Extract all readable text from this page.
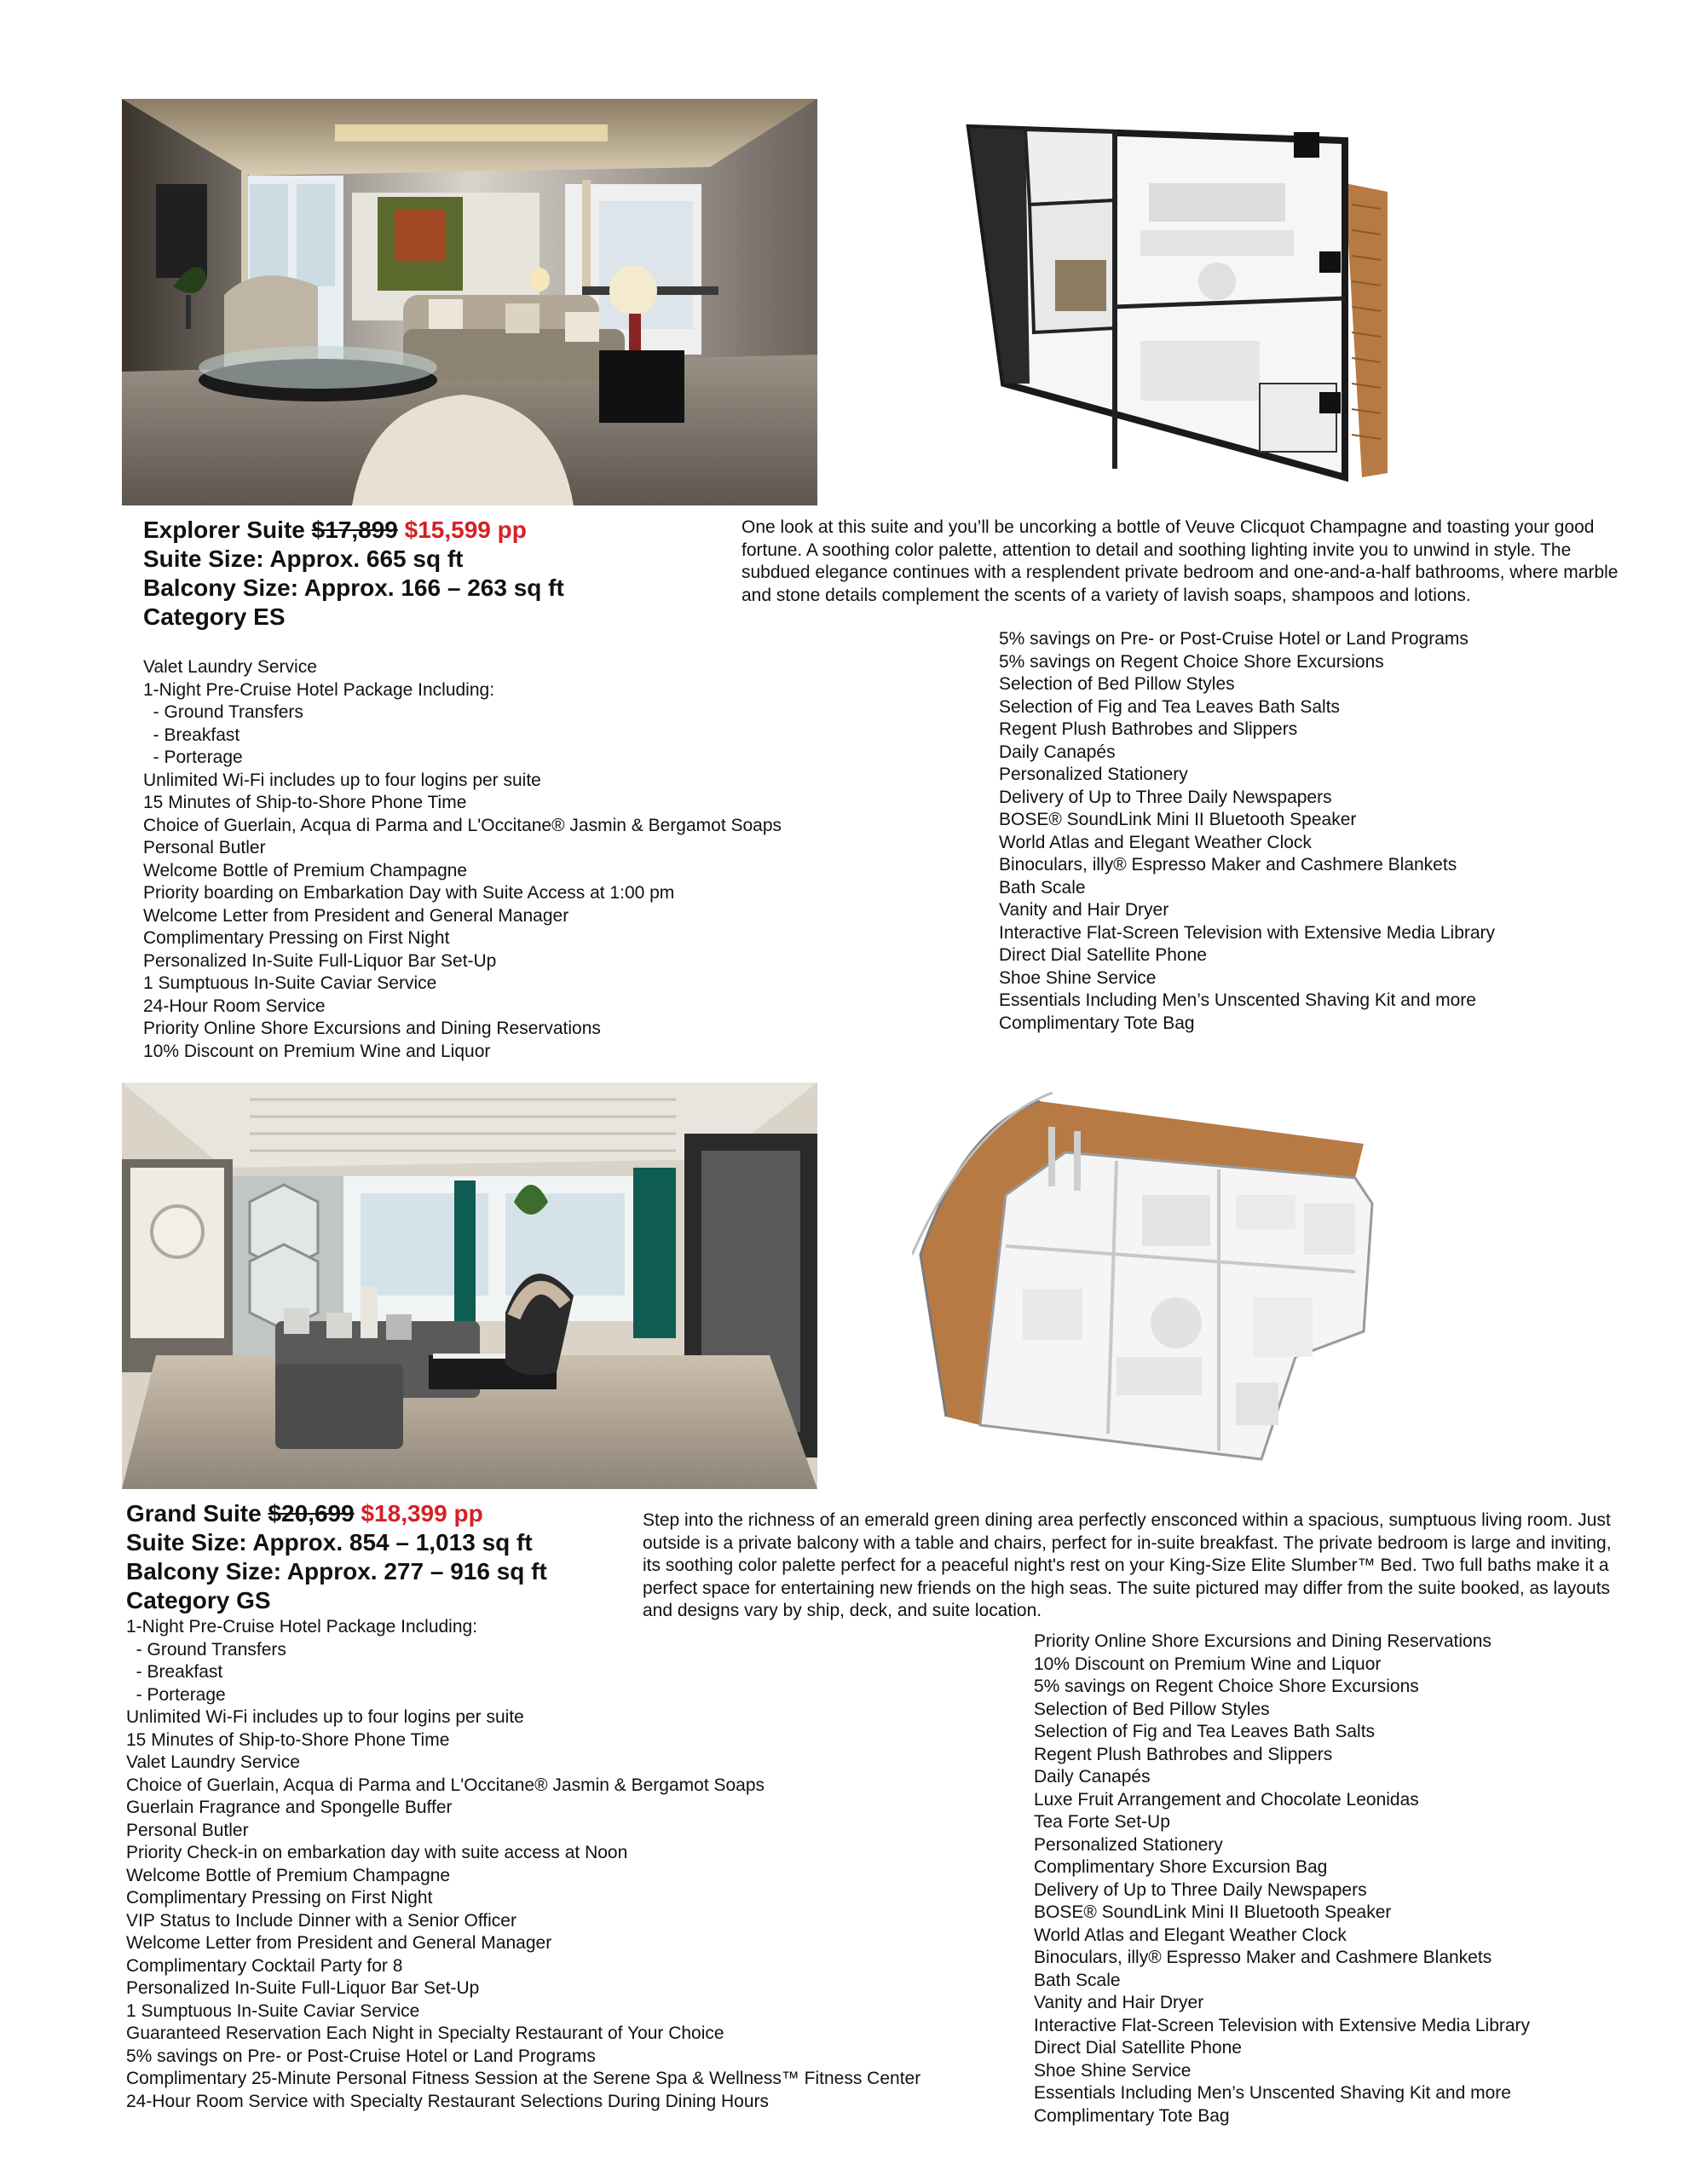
Explorer Suite $17,899 $15,599 pp
Suite Size: Approx. 665 sq ft
Balcony Size: Approx. 166 – 263 sq ft
Category ES
One look at this suite and you’ll be uncorking a bottle of Veuve Clicquot Champagne and toasting your good fortune. A soothing color palette, attention to detail and soothing lighting invite you to unwind in style. The subdued elegance continues with a resplendent private bedroom and one-and-a-half bathrooms, where marble and stone details complement the scents of a variety of lavish soaps, shampoos and lotions.
Valet Laundry Service
1-Night Pre-Cruise Hotel Package Including:
- Ground Transfers
- Breakfast
- Porterage
Unlimited Wi-Fi includes up to four logins per suite
15 Minutes of Ship-to-Shore Phone Time
Choice of Guerlain, Acqua di Parma and L'Occitane® Jasmin & Bergamot Soaps
Personal Butler
Welcome Bottle of Premium Champagne
Priority boarding on Embarkation Day with Suite Access at 1:00 pm
Welcome Letter from President and General Manager
Complimentary Pressing on First Night
Personalized In-Suite Full-Liquor Bar Set-Up
1 Sumptuous In-Suite Caviar Service
24-Hour Room Service
Priority Online Shore Excursions and Dining Reservations
10% Discount on Premium Wine and Liquor
5% savings on Pre- or Post-Cruise Hotel or Land Programs
5% savings on Regent Choice Shore Excursions
Selection of Bed Pillow Styles
Selection of Fig and Tea Leaves Bath Salts
Regent Plush Bathrobes and Slippers
Daily Canapés
Personalized Stationery
Delivery of Up to Three Daily Newspapers
BOSE® SoundLink Mini II Bluetooth Speaker
World Atlas and Elegant Weather Clock
Binoculars, illy® Espresso Maker and Cashmere Blankets
Bath Scale
Vanity and Hair Dryer
Interactive Flat-Screen Television with Extensive Media Library
Direct Dial Satellite Phone
Shoe Shine Service
Essentials Including Men’s Unscented Shaving Kit and more
Complimentary Tote Bag
Grand Suite $20,699 $18,399 pp
Suite Size: Approx. 854 – 1,013 sq ft
Balcony Size: Approx. 277 – 916 sq ft
Category GS
Step into the richness of an emerald green dining area perfectly ensconced within a spacious, sumptuous living room. Just outside is a private balcony with a table and chairs, perfect for in-suite breakfast. The private bedroom is large and inviting, its soothing color palette perfect for a peaceful night's rest on your King-Size Elite Slumber™ Bed. Two full baths make it a perfect space for entertaining new friends on the high seas. The suite pictured may differ from the suite booked, as layouts and designs vary by ship, deck, and suite location.
1-Night Pre-Cruise Hotel Package Including:
- Ground Transfers
- Breakfast
- Porterage
Unlimited Wi-Fi includes up to four logins per suite
15 Minutes of Ship-to-Shore Phone Time
Valet Laundry Service
Choice of Guerlain, Acqua di Parma and L'Occitane® Jasmin & Bergamot Soaps
Guerlain Fragrance and Spongelle Buffer
Personal Butler
Priority Check-in on embarkation day with suite access at Noon
Welcome Bottle of Premium Champagne
Complimentary Pressing on First Night
VIP Status to Include Dinner with a Senior Officer
Welcome Letter from President and General Manager
Complimentary Cocktail Party for 8
Personalized In-Suite Full-Liquor Bar Set-Up
1 Sumptuous In-Suite Caviar Service
Guaranteed Reservation Each Night in Specialty Restaurant of Your Choice
5% savings on Pre- or Post-Cruise Hotel or Land Programs
Complimentary 25-Minute Personal Fitness Session at the Serene Spa & Wellness™ Fitness Center
24-Hour Room Service with Specialty Restaurant Selections During Dining Hours
Priority Online Shore Excursions and Dining Reservations
10% Discount on Premium Wine and Liquor
5% savings on Regent Choice Shore Excursions
Selection of Bed Pillow Styles
Selection of Fig and Tea Leaves Bath Salts
Regent Plush Bathrobes and Slippers
Daily Canapés
Luxe Fruit Arrangement and Chocolate Leonidas
Tea Forte Set-Up
Personalized Stationery
Complimentary Shore Excursion Bag
Delivery of Up to Three Daily Newspapers
BOSE® SoundLink Mini II Bluetooth Speaker
World Atlas and Elegant Weather Clock
Binoculars, illy® Espresso Maker and Cashmere Blankets
Bath Scale
Vanity and Hair Dryer
Interactive Flat-Screen Television with Extensive Media Library
Direct Dial Satellite Phone
Shoe Shine Service
Essentials Including Men’s Unscented Shaving Kit and more
Complimentary Tote Bag
